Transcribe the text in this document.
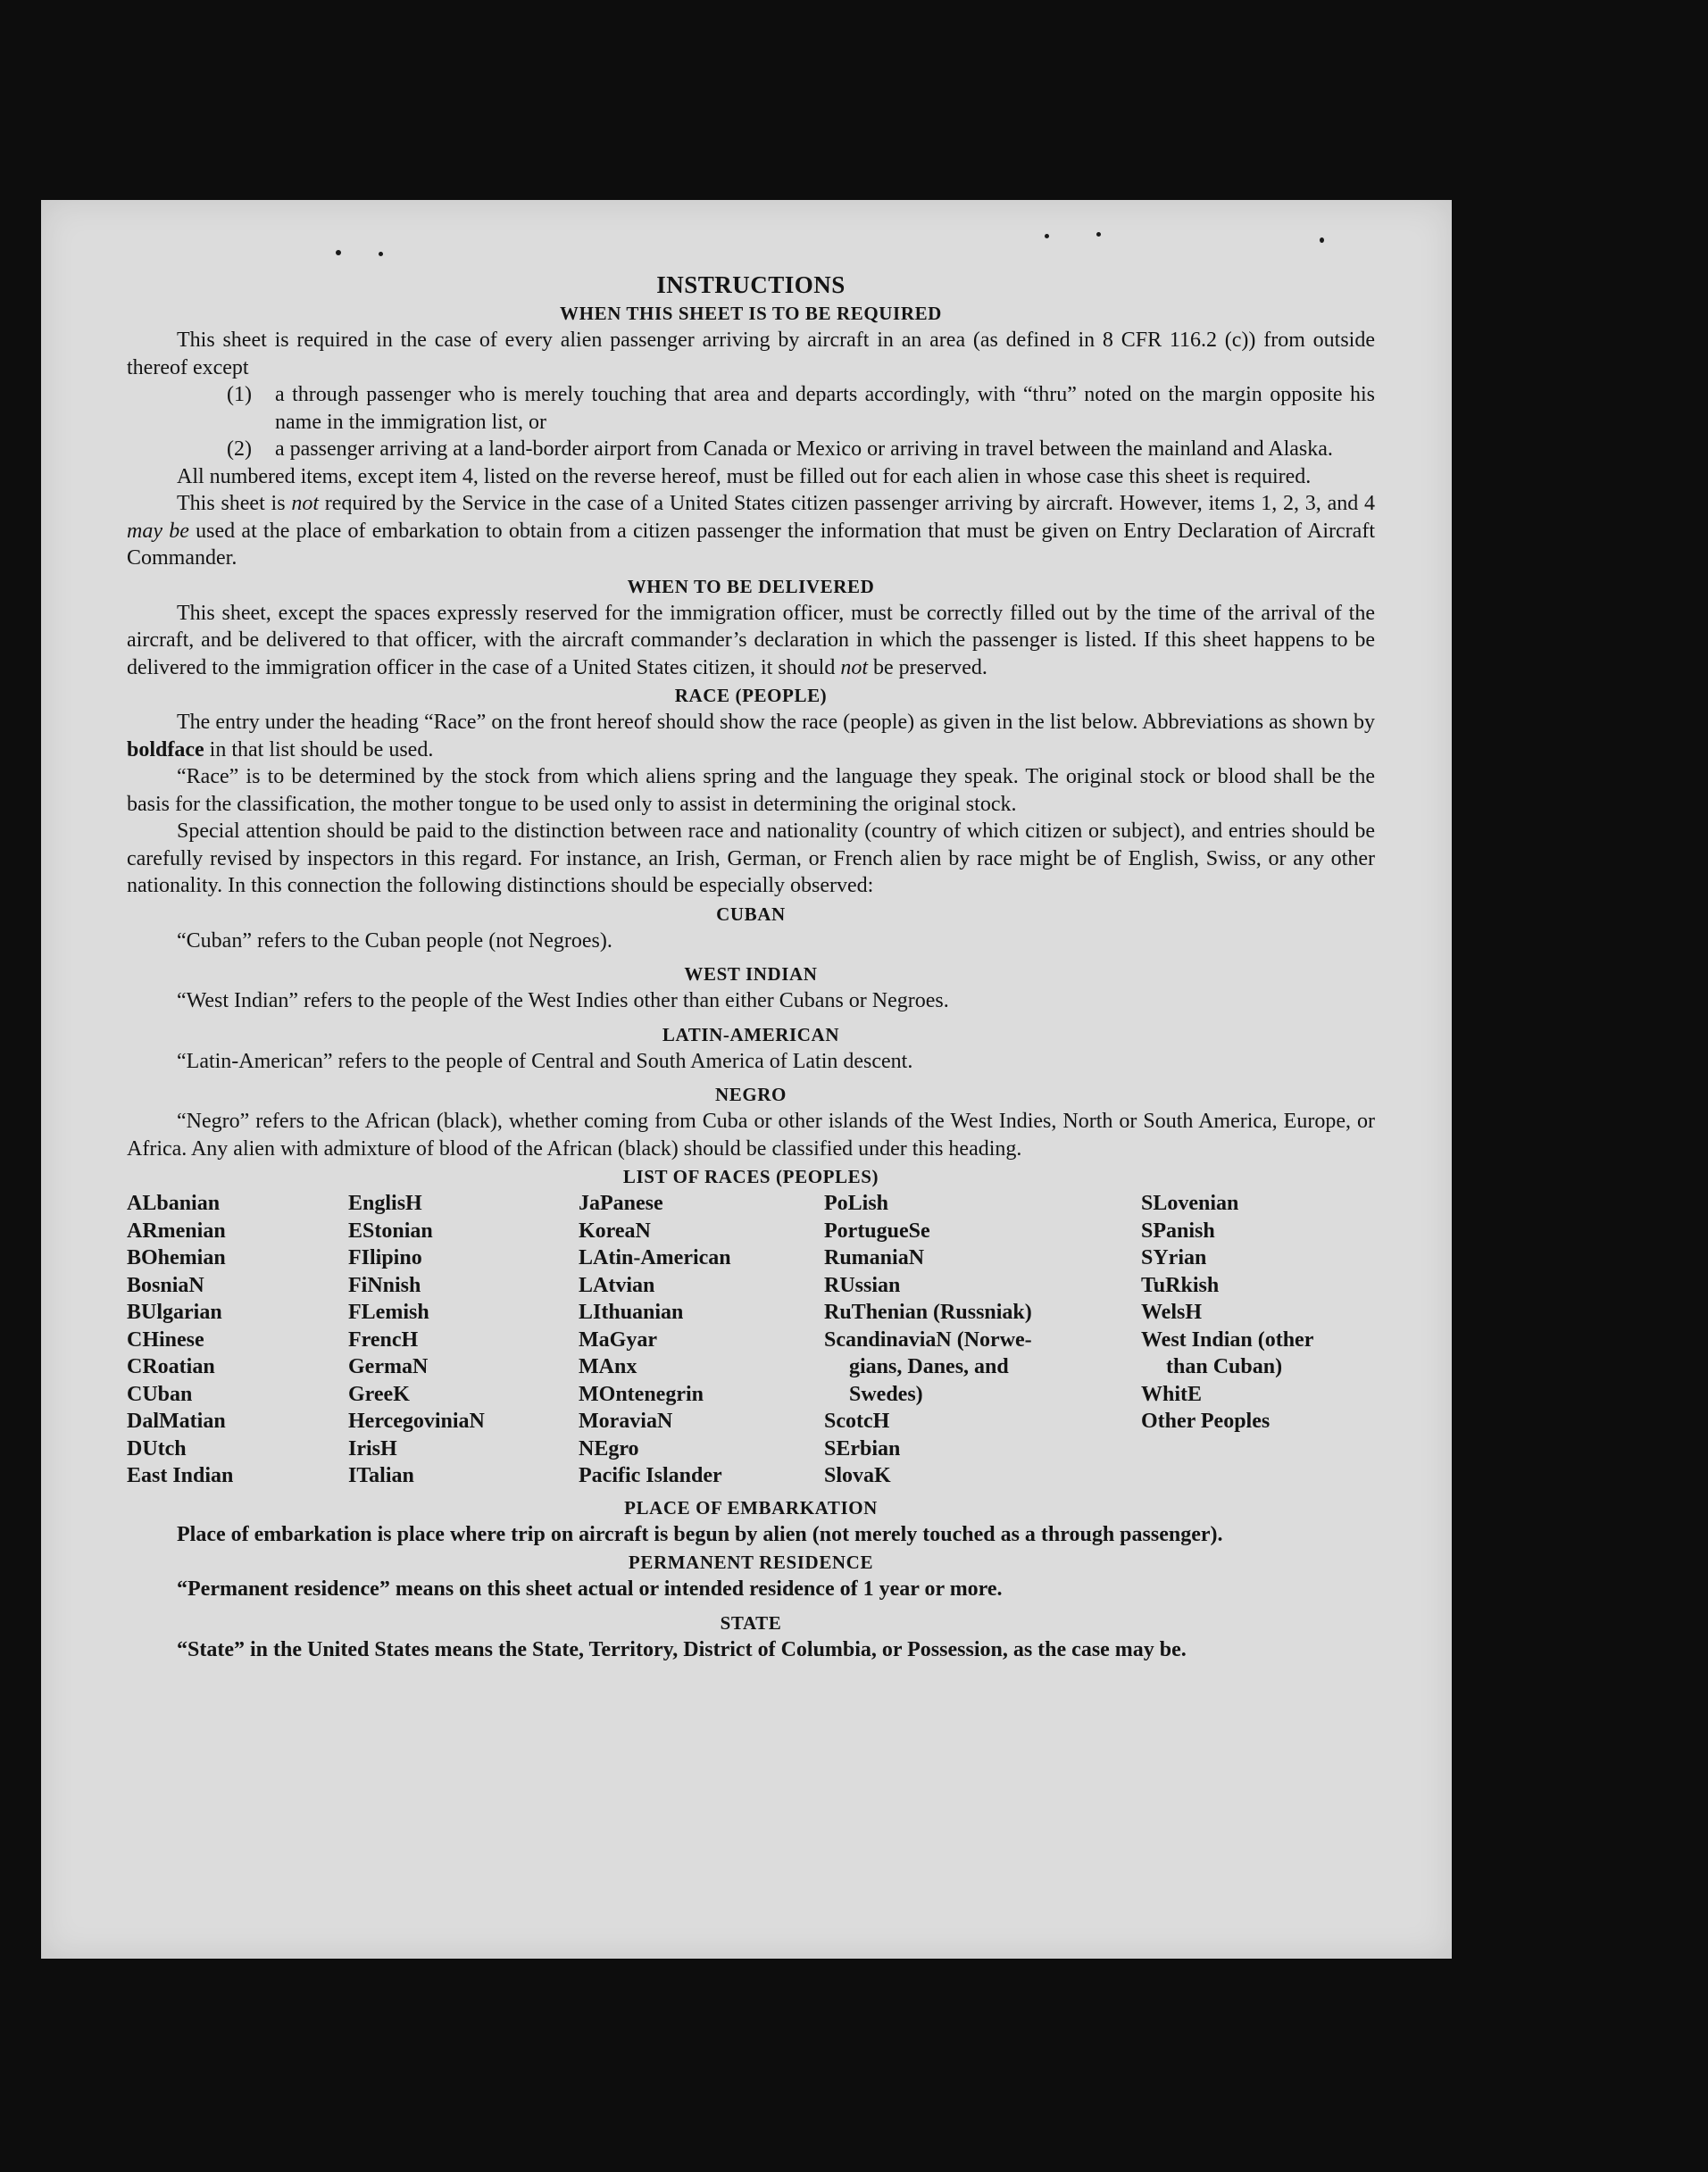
INSTRUCTIONS
WHEN THIS SHEET IS TO BE REQUIRED

This sheet is required in the case of every alien passenger arriving by aircraft in an area (as defined in 8 CFR 116.2 (c)) from outside thereof except

(1)	a through passenger who is merely touching that area and departs accordingly, with “thru” noted on the margin opposite his name in the immigration list, or
(2)	a passenger arriving at a land-border airport from Canada or Mexico or arriving in travel between the mainland and Alaska.

All numbered items, except item 4, listed on the reverse hereof, must be filled out for each alien in whose case this sheet is required.

This sheet is not required by the Service in the case of a United States citizen passenger arriving by aircraft. However, items 1, 2, 3, and 4 may be used at the place of embarkation to obtain from a citizen passenger the information that must be given on Entry Declaration of Aircraft Commander.

WHEN TO BE DELIVERED

This sheet, except the spaces expressly reserved for the immigration officer, must be correctly filled out by the time of the arrival of the aircraft, and be delivered to that officer, with the aircraft commander’s declaration in which the passenger is listed. If this sheet happens to be delivered to the immigration officer in the case of a United States citizen, it should not be preserved.

RACE (PEOPLE)

The entry under the heading “Race” on the front hereof should show the race (people) as given in the list below. Abbreviations as shown by boldface in that list should be used.

“Race” is to be determined by the stock from which aliens spring and the language they speak. The original stock or blood shall be the basis for the classification, the mother tongue to be used only to assist in determining the original stock.

Special attention should be paid to the distinction between race and nationality (country of which citizen or subject), and entries should be carefully revised by inspectors in this regard. For instance, an Irish, German, or French alien by race might be of English, Swiss, or any other nationality. In this connection the following distinctions should be especially observed:

CUBAN
“Cuban” refers to the Cuban people (not Negroes).
WEST INDIAN
“West Indian” refers to the people of the West Indies other than either Cubans or Negroes.
LATIN-AMERICAN
“Latin-American” refers to the people of Central and South America of Latin descent.
NEGRO

“Negro” refers to the African (black), whether coming from Cuba or other islands of the West Indies, North or South America, Europe, or Africa. Any alien with admixture of blood of the African (black) should be classified under this heading.

LIST OF RACES (PEOPLES)
ALbanian
ARmenian
BOhemian
BosniaN
BUlgarian
CHinese
CRoatian
CUban
DalMatian
DUtch
East Indian
EnglisH
EStonian
FIlipino
FiNnish
FLemish
FrencH
GermaN
GreeK
HercegoviniaN
IrisH
ITalian
JaPanese
KoreaN
LAtin-American
LAtvian
LIthuanian
MaGyar
MAnx
MOntenegrin
MoraviaN
NEgro
Pacific Islander
PoLish
PortugueSe
RumaniaN
RUssian
RuThenian (Russniak)
ScandinaviaN (Norwe-
gians, Danes, and
Swedes)
ScotcH
SErbian
SlovaK
SLovenian
SPanish
SYrian
TuRkish
WelsH
West Indian (other
than Cuban)
WhitE
Other Peoples
PLACE OF EMBARKATION

Place of embarkation is place where trip on aircraft is begun by alien (not merely touched as a through passenger).

PERMANENT RESIDENCE
“Permanent residence” means on this sheet actual or intended residence of 1 year or more.
STATE

“State” in the United States means the State, Territory, District of Columbia, or Possession, as the case may be.
